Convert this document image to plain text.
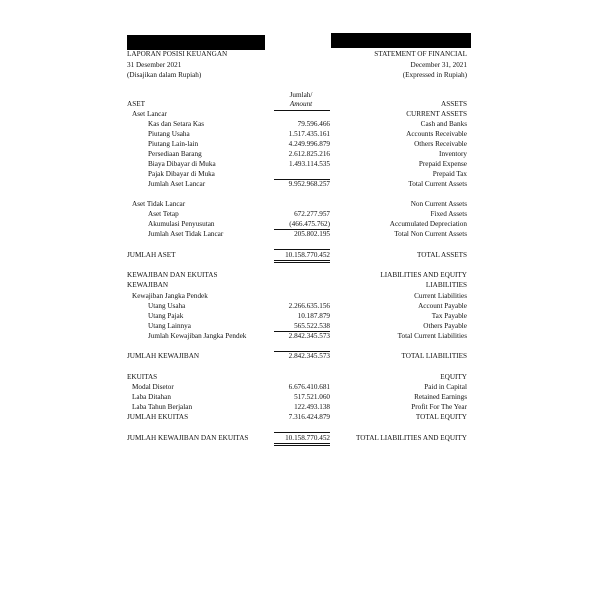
LAPORAN POSISI KEUANGAN
31 Desember 2021
(Disajikan dalam Rupiah)
STATEMENT OF FINANCIAL
December 31, 2021
(Expressed in Rupiah)
Jumlah/
Amount
ASET	ASSETS
Aset Lancar	CURRENT ASSETS
Kas dan Setara Kas	79.596.466	Cash and Banks
Piutang Usaha	1.517.435.161	Accounts Receivable
Piutang Lain-lain	4.249.996.879	Others Receivable
Persediaan Barang	2.612.825.216	Inventory
Biaya Dibayar di Muka	1.493.114.535	Prepaid Expense
Pajak Dibayar di Muka	Prepaid Tax
Jumlah Aset Lancar	9.952.968.257	Total Current Assets
Aset Tidak Lancar	Non Current Assets
Aset Tetap	672.277.957	Fixed Assets
Akumulasi Penyusutan	(466.475.762)	Accumulated Depreciation
Jumlah Aset Tidak Lancar	205.802.195	Total Non Current Assets
JUMLAH ASET	10.158.770.452	TOTAL ASSETS
KEWAJIBAN DAN EKUITAS	LIABILITIES AND EQUITY
KEWAJIBAN	LIABILITIES
Kewajiban Jangka Pendek	Current Liabilities
Utang Usaha	2.266.635.156	Account Payable
Utang Pajak	10.187.879	Tax Payable
Utang Lainnya	565.522.538	Others Payable
Jumlah Kewajiban Jangka Pendek	2.842.345.573	Total Current Liabilities
JUMLAH KEWAJIBAN	2.842.345.573	TOTAL LIABILITIES
EKUITAS	EQUITY
Modal Disetor	6.676.410.681	Paid in Capital
Laba Ditahan	517.521.060	Retained Earnings
Laba Tahun Berjalan	122.493.138	Profit For The Year
JUMLAH EKUITAS	7.316.424.879	TOTAL EQUITY
JUMLAH KEWAJIBAN DAN EKUITAS	10.158.770.452	TOTAL LIABILITIES AND EQUITY
